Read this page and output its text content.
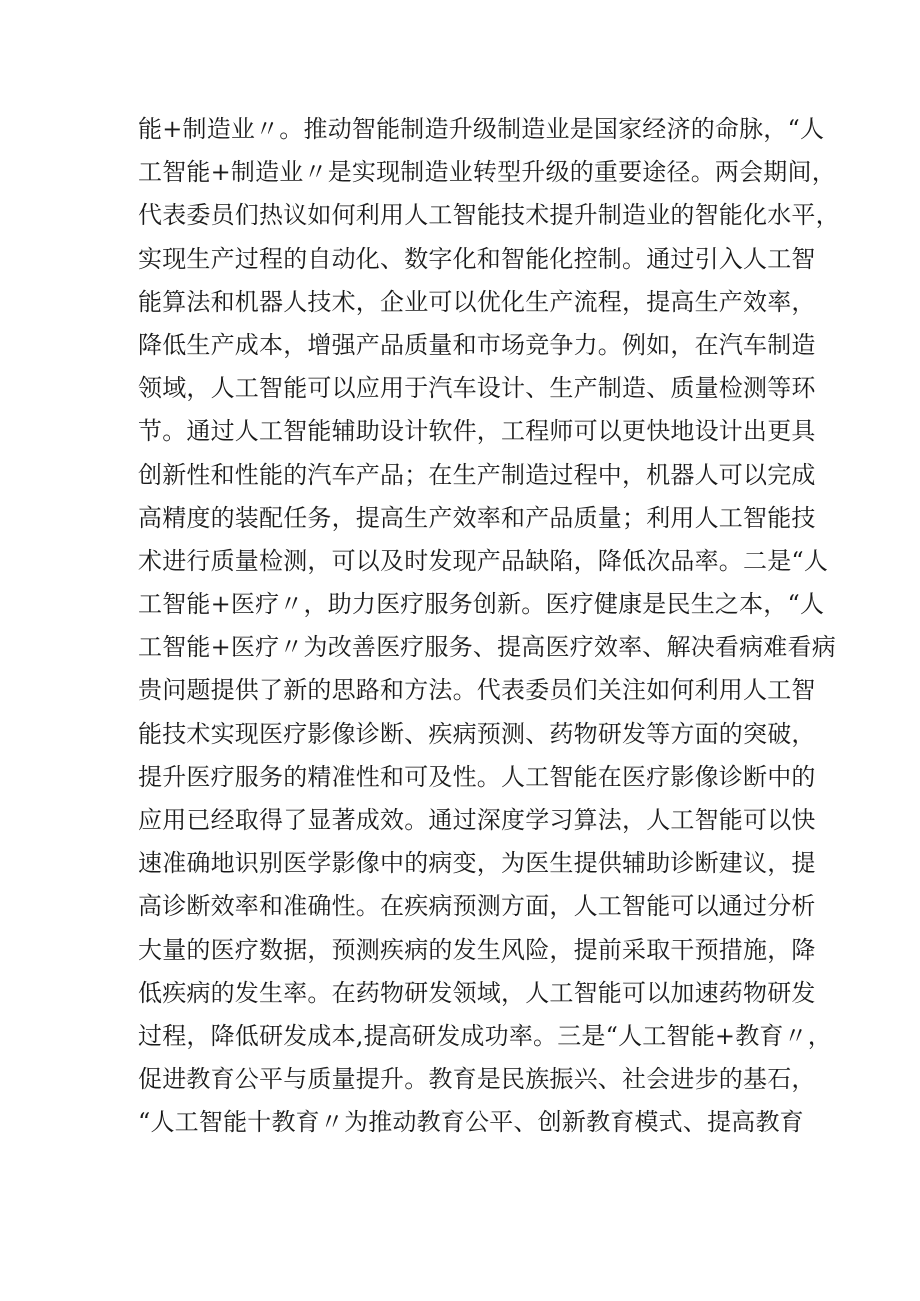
能+制造业〃。推动智能制造升级制造业是国家经济的命脉，“人
工智能+制造业〃是实现制造业转型升级的重要途径。两会期间，
代表委员们热议如何利用人工智能技术提升制造业的智能化水平，
实现生产过程的自动化、数字化和智能化控制。通过引入人工智
能算法和机器人技术，企业可以优化生产流程，提高生产效率，
降低生产成本，增强产品质量和市场竞争力。例如，在汽车制造
领域，人工智能可以应用于汽车设计、生产制造、质量检测等环
节。通过人工智能辅助设计软件，工程师可以更快地设计出更具
创新性和性能的汽车产品；在生产制造过程中，机器人可以完成
高精度的装配任务，提高生产效率和产品质量；利用人工智能技
术进行质量检测，可以及时发现产品缺陷，降低次品率。二是“人
工智能+医疗〃，助力医疗服务创新。医疗健康是民生之本，“人
工智能+医疗〃为改善医疗服务、提高医疗效率、解决看病难看病
贵问题提供了新的思路和方法。代表委员们关注如何利用人工智
能技术实现医疗影像诊断、疾病预测、药物研发等方面的突破，
提升医疗服务的精准性和可及性。人工智能在医疗影像诊断中的
应用已经取得了显著成效。通过深度学习算法，人工智能可以快
速准确地识别医学影像中的病变，为医生提供辅助诊断建议，提
高诊断效率和准确性。在疾病预测方面，人工智能可以通过分析
大量的医疗数据，预测疾病的发生风险，提前采取干预措施，降
低疾病的发生率。在药物研发领域，人工智能可以加速药物研发
过程，降低研发成本,提高研发成功率。三是“人工智能+教育〃，
促进教育公平与质量提升。教育是民族振兴、社会进步的基石，
“人工智能十教育〃为推动教育公平、创新教育模式、提高教育
